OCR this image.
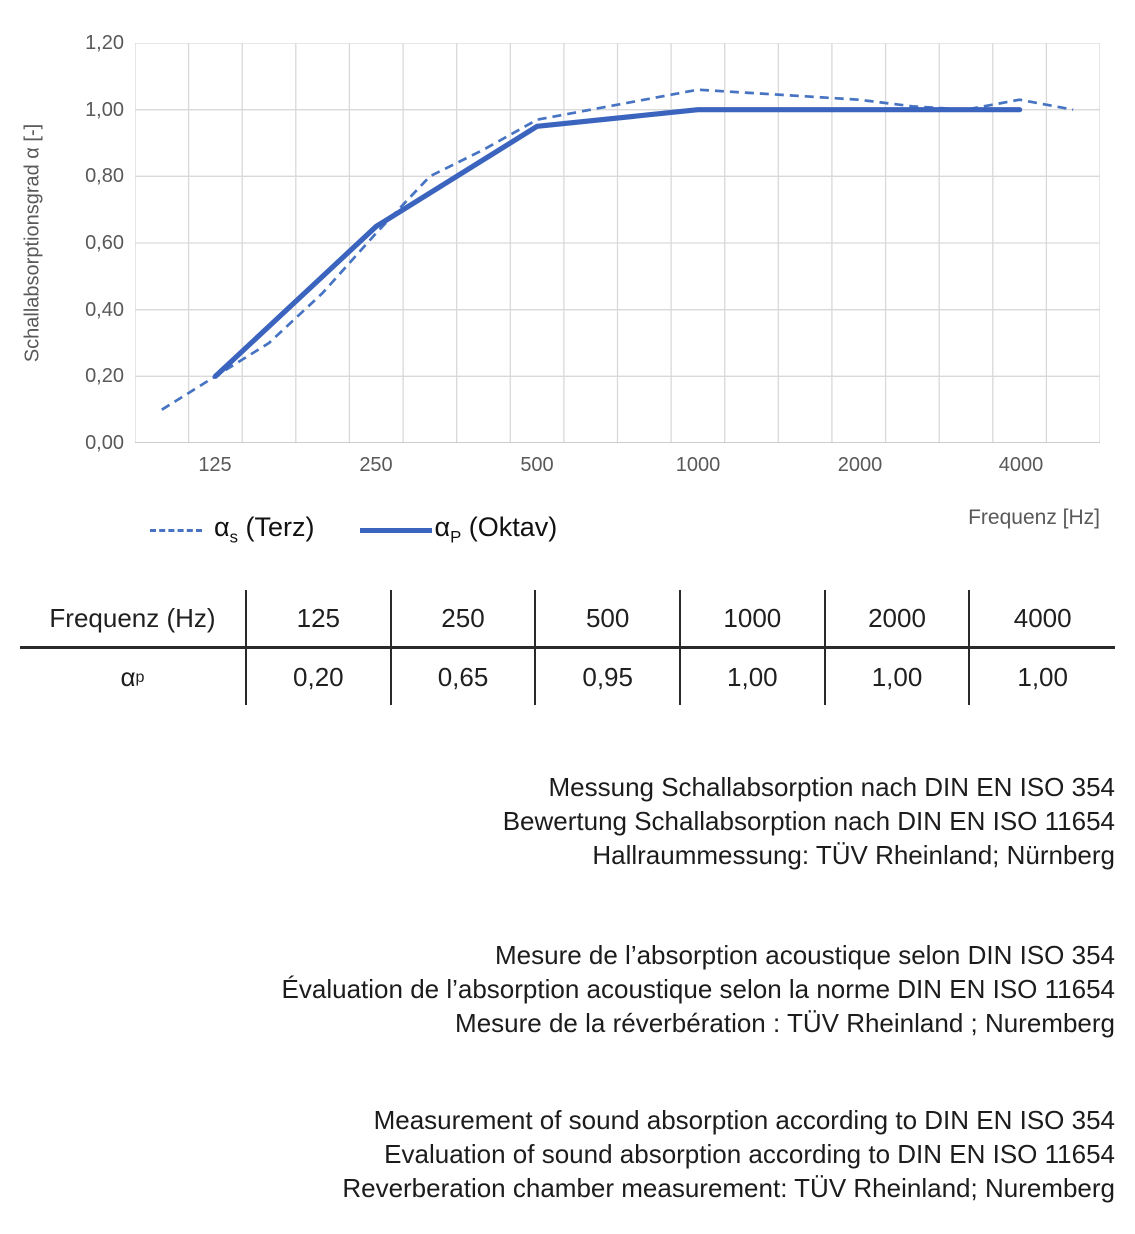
Schallabsorptionsgrad α [-]
1,20
1,00
0,80
0,60
0,40
0,20
0,00
125	250	500	1000	2000	4000
Frequenz [Hz]
$\alpha_s$ (Terz)	$\alpha_P$ (Oktav)
Frequenz (Hz)	125	250	500	1000	2000	4000
α p	0,20	0,65	0,95	1,00	1,00	1,00
Messung Schallabsorption nach DIN EN ISO 354
Bewertung Schallabsorption nach DIN EN ISO 11654
Hallraummessung: TÜV Rheinland; Nürnberg
Mesure de l’absorption acoustique selon DIN ISO 354
Évaluation de l’absorption acoustique selon la norme DIN EN ISO 11654
Mesure de la réverbération : TÜV Rheinland ; Nuremberg
Measurement of sound absorption according to DIN EN ISO 354
Evaluation of sound absorption according to DIN EN ISO 11654
Reverberation chamber measurement: TÜV Rheinland; Nuremberg
